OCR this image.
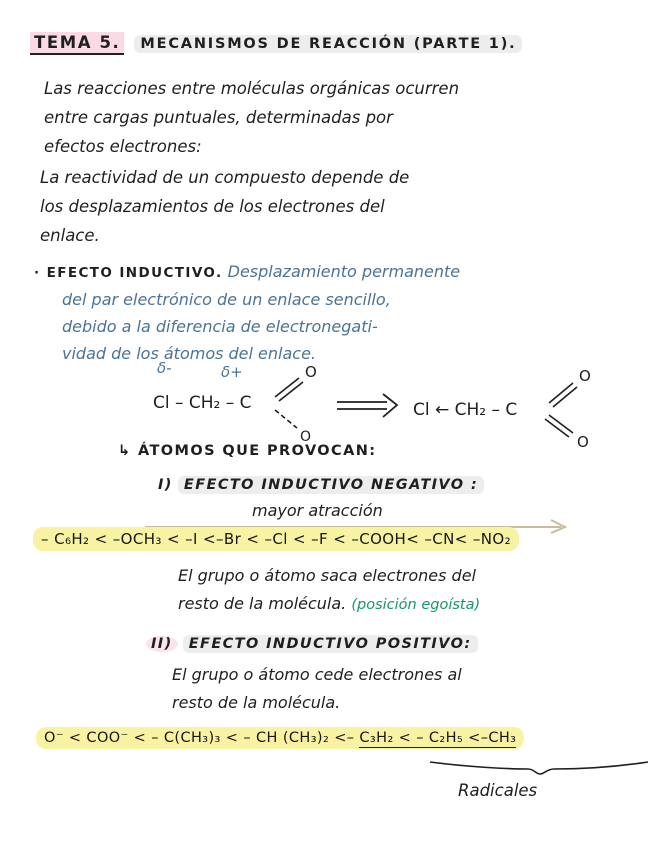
TEMA 5.	MECANISMOS DE REACCIÓN (PARTE 1).
Las reacciones entre moléculas orgánicas ocurren
entre cargas puntuales, determinadas por
efectos electrones:
La reactividad de un compuesto depende de
los desplazamientos de los electrones del
enlace.
· EFECTO INDUCTIVO. Desplazamiento permanente
del par electrónico de un enlace sencillo,
debido a la diferencia de electronegati-
vidad de los átomos del enlace.
δ-	δ+
Cl – CH₂ – C
O
O
Cl ← CH₂ – C
O
O
↳ ÁTOMOS QUE PROVOCAN:
I) EFECTO INDUCTIVO NEGATIVO :
mayor atracción
– C₆H₂ < –OCH₃ < –I <–Br < –Cl < –F < –COOH< –CN< –NO₂
El grupo o átomo saca electrones del
resto de la molécula. (posición egoísta)
II) EFECTO INDUCTIVO POSITIVO:
El grupo o átomo cede electrones al
resto de la molécula.
O⁻ < COO⁻ < – C(CH₃)₃ < – CH (CH₃)₂ <– C₃H₂ < – C₂H₅ <–CH₃
Radicales
